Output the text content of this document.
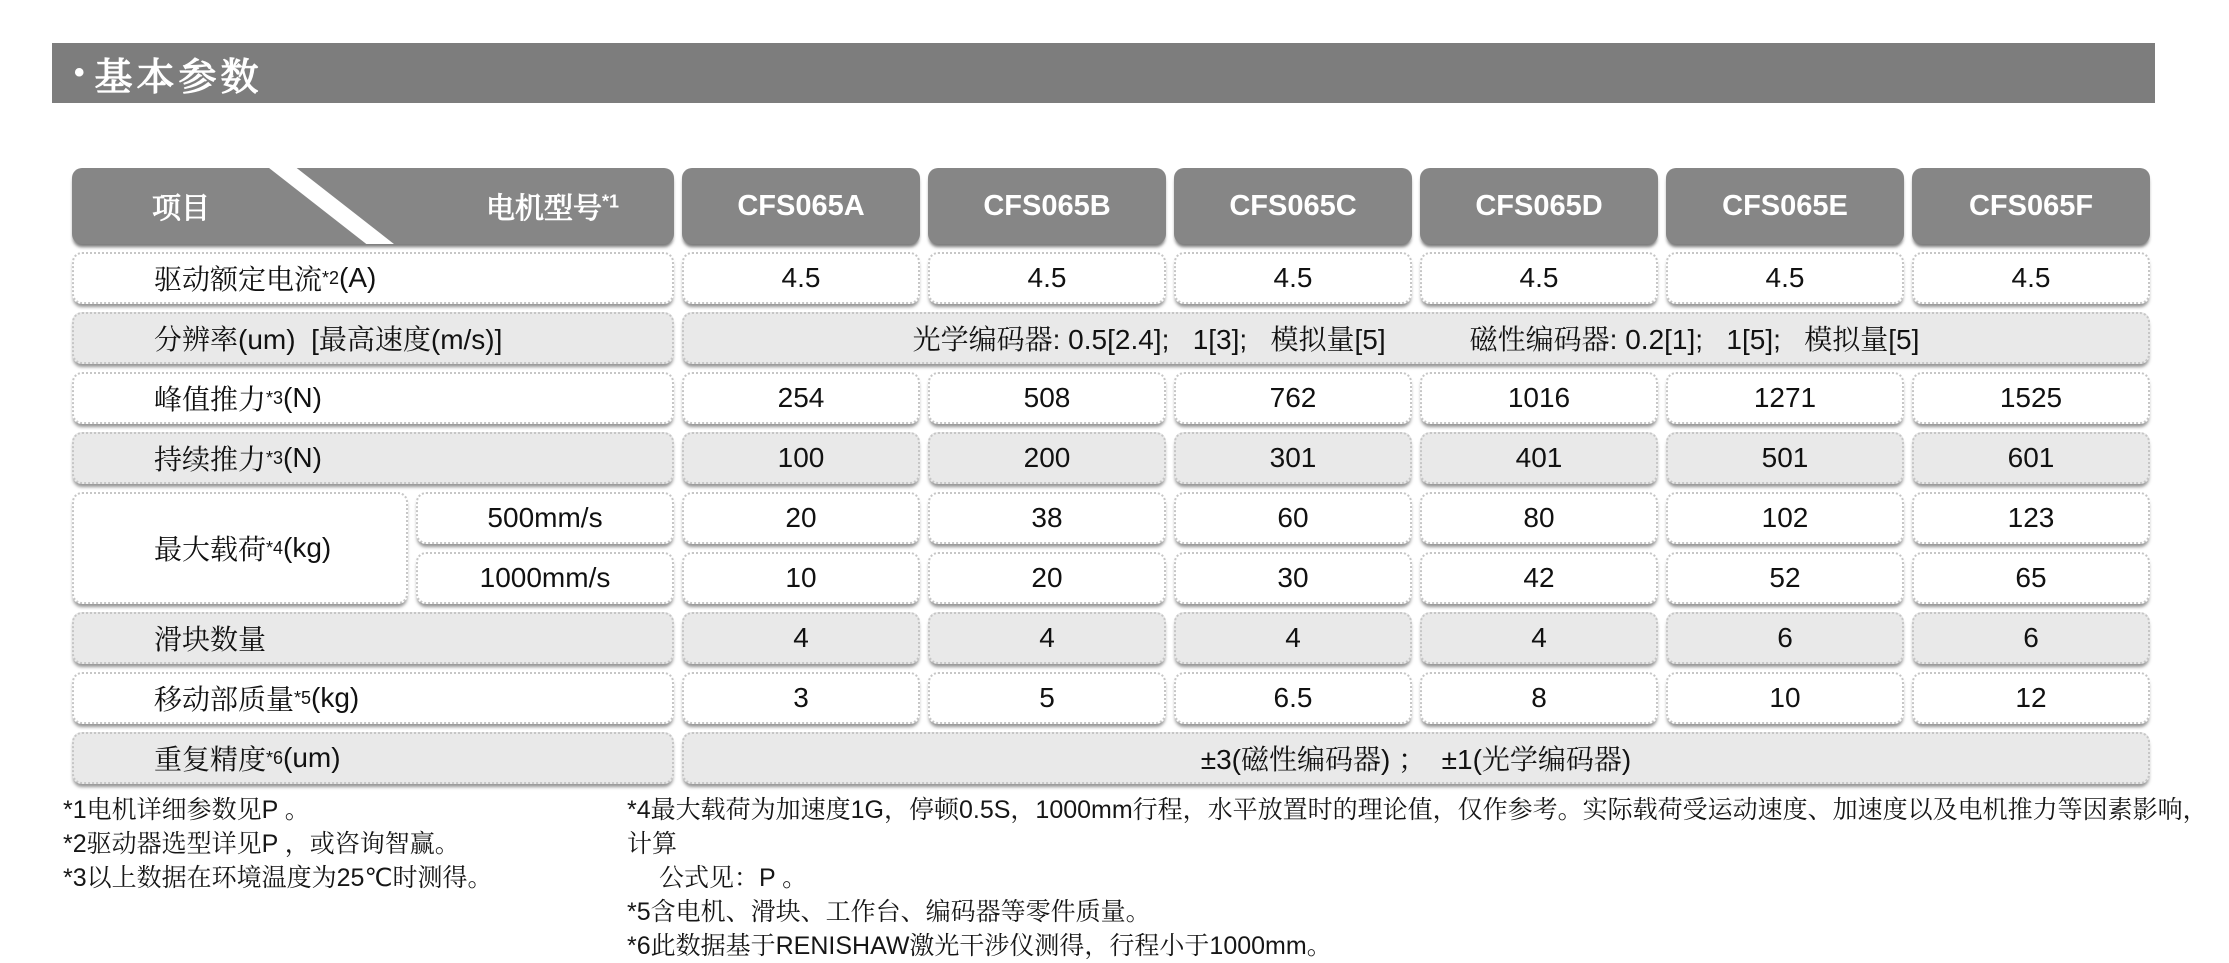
• 基本参数
项目	电机型号$^{*1}$	CFS065A	CFS065B	CFS065C	CFS065D	CFS065E	CFS065F
驱动额定电流 *2 (A)	4.5	4.5	4.5	4.5	4.5	4.5
分辨率(um)  [最高速度(m/s)]	光学编码器: 0.5[2.4];   1[3];   模拟量[5]	磁性编码器: 0.2[1];   1[5];   模拟量[5]
峰值推力 *3 (N)	254	508	762	1016	1271	1525
持续推力 *3 (N)	100	200	301	401	501	601
最大载荷 *4 (kg)
500mm/s	20	38	60	80	102	123
1000mm/s	10	20	30	42	52	65
滑块数量	4	4	4	4	6	6
移动部质量 *5 (kg)	3	5	6.5	8	10	12
重复精度 *6 (um)	±3(磁性编码器) ；  ±1(光学编码器)
*1电机详细参数见P 。
*2驱动器选型详见P ，或咨询智赢。
*3以上数据在环境温度为25℃时测得。
*4最大载荷为加速度1G，停顿0.5S，1000mm行程，水平放置时的理论值，仅作参考。实际载荷受运动速度、加速度以及电机推力等因素影响，计算
公式见：P 。
*5含电机、滑块、工作台、编码器等零件质量。
*6此数据基于RENISHAW激光干涉仪测得，行程小于1000mm。
